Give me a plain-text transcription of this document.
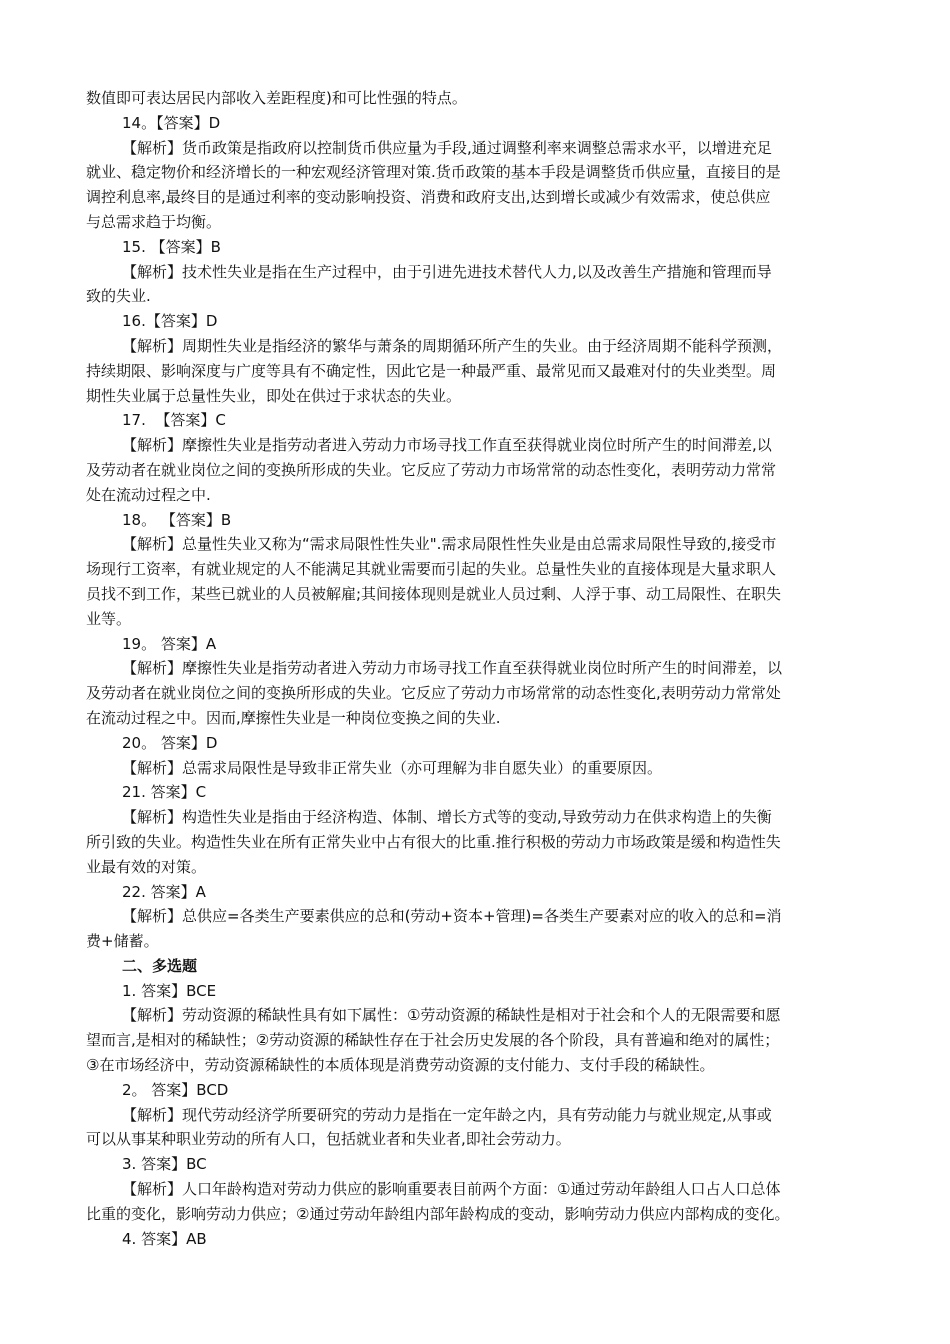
数值即可表达居民内部收入差距程度)和可比性强的特点。

14。【答案】D

【解析】货币政策是指政府以控制货币供应量为手段,通过调整利率来调整总需求水平，以增进充足

就业、稳定物价和经济增长的一种宏观经济管理对策.货币政策的基本手段是调整货币供应量，直接目的是

调控利息率,最终目的是通过利率的变动影响投资、消费和政府支出,达到增长或减少有效需求，使总供应

与总需求趋于均衡。

15. 【答案】B

【解析】技术性失业是指在生产过程中，由于引进先进技术替代人力,以及改善生产措施和管理而导

致的失业.

16.【答案】D

【解析】周期性失业是指经济的繁华与萧条的周期循环所产生的失业。由于经济周期不能科学预测，

持续期限、影响深度与广度等具有不确定性，因此它是一种最严重、最常见而又最难对付的失业类型。周

期性失业属于总量性失业，即处在供过于求状态的失业。

17.  【答案】C

【解析】摩擦性失业是指劳动者进入劳动力市场寻找工作直至获得就业岗位时所产生的时间滞差,以

及劳动者在就业岗位之间的变换所形成的失业。它反应了劳动力市场常常的动态性变化，表明劳动力常常

处在流动过程之中.

18。 【答案】B

【解析】总量性失业又称为“需求局限性性失业".需求局限性性失业是由总需求局限性导致的,接受市

场现行工资率，有就业规定的人不能满足其就业需要而引起的失业。总量性失业的直接体现是大量求职人

员找不到工作，某些已就业的人员被解雇;其间接体现则是就业人员过剩、人浮于事、动工局限性、在职失

业等。

19。 答案】A

【解析】摩擦性失业是指劳动者进入劳动力市场寻找工作直至获得就业岗位时所产生的时间滞差，以

及劳动者在就业岗位之间的变换所形成的失业。它反应了劳动力市场常常的动态性变化,表明劳动力常常处

在流动过程之中。因而,摩擦性失业是一种岗位变换之间的失业.

20。 答案】D

【解析】总需求局限性是导致非正常失业（亦可理解为非自愿失业）的重要原因。

21. 答案】C

【解析】构造性失业是指由于经济构造、体制、增长方式等的变动,导致劳动力在供求构造上的失衡

所引致的失业。构造性失业在所有正常失业中占有很大的比重.推行积极的劳动力市场政策是缓和构造性失

业最有效的对策。

22. 答案】A

【解析】总供应=各类生产要素供应的总和(劳动+资本+管理)=各类生产要素对应的收入的总和=消

费+储蓄。

二、多选题

1. 答案】BCE

【解析】劳动资源的稀缺性具有如下属性：①劳动资源的稀缺性是相对于社会和个人的无限需要和愿

望而言,是相对的稀缺性；②劳动资源的稀缺性存在于社会历史发展的各个阶段，具有普遍和绝对的属性；

③在市场经济中，劳动资源稀缺性的本质体现是消费劳动资源的支付能力、支付手段的稀缺性。

2。 答案】BCD

【解析】现代劳动经济学所要研究的劳动力是指在一定年龄之内，具有劳动能力与就业规定,从事或

可以从事某种职业劳动的所有人口，包括就业者和失业者,即社会劳动力。

3. 答案】BC

【解析】人口年龄构造对劳动力供应的影响重要表目前两个方面：①通过劳动年龄组人口占人口总体

比重的变化，影响劳动力供应；②通过劳动年龄组内部年龄构成的变动，影响劳动力供应内部构成的变化。

4. 答案】AB
